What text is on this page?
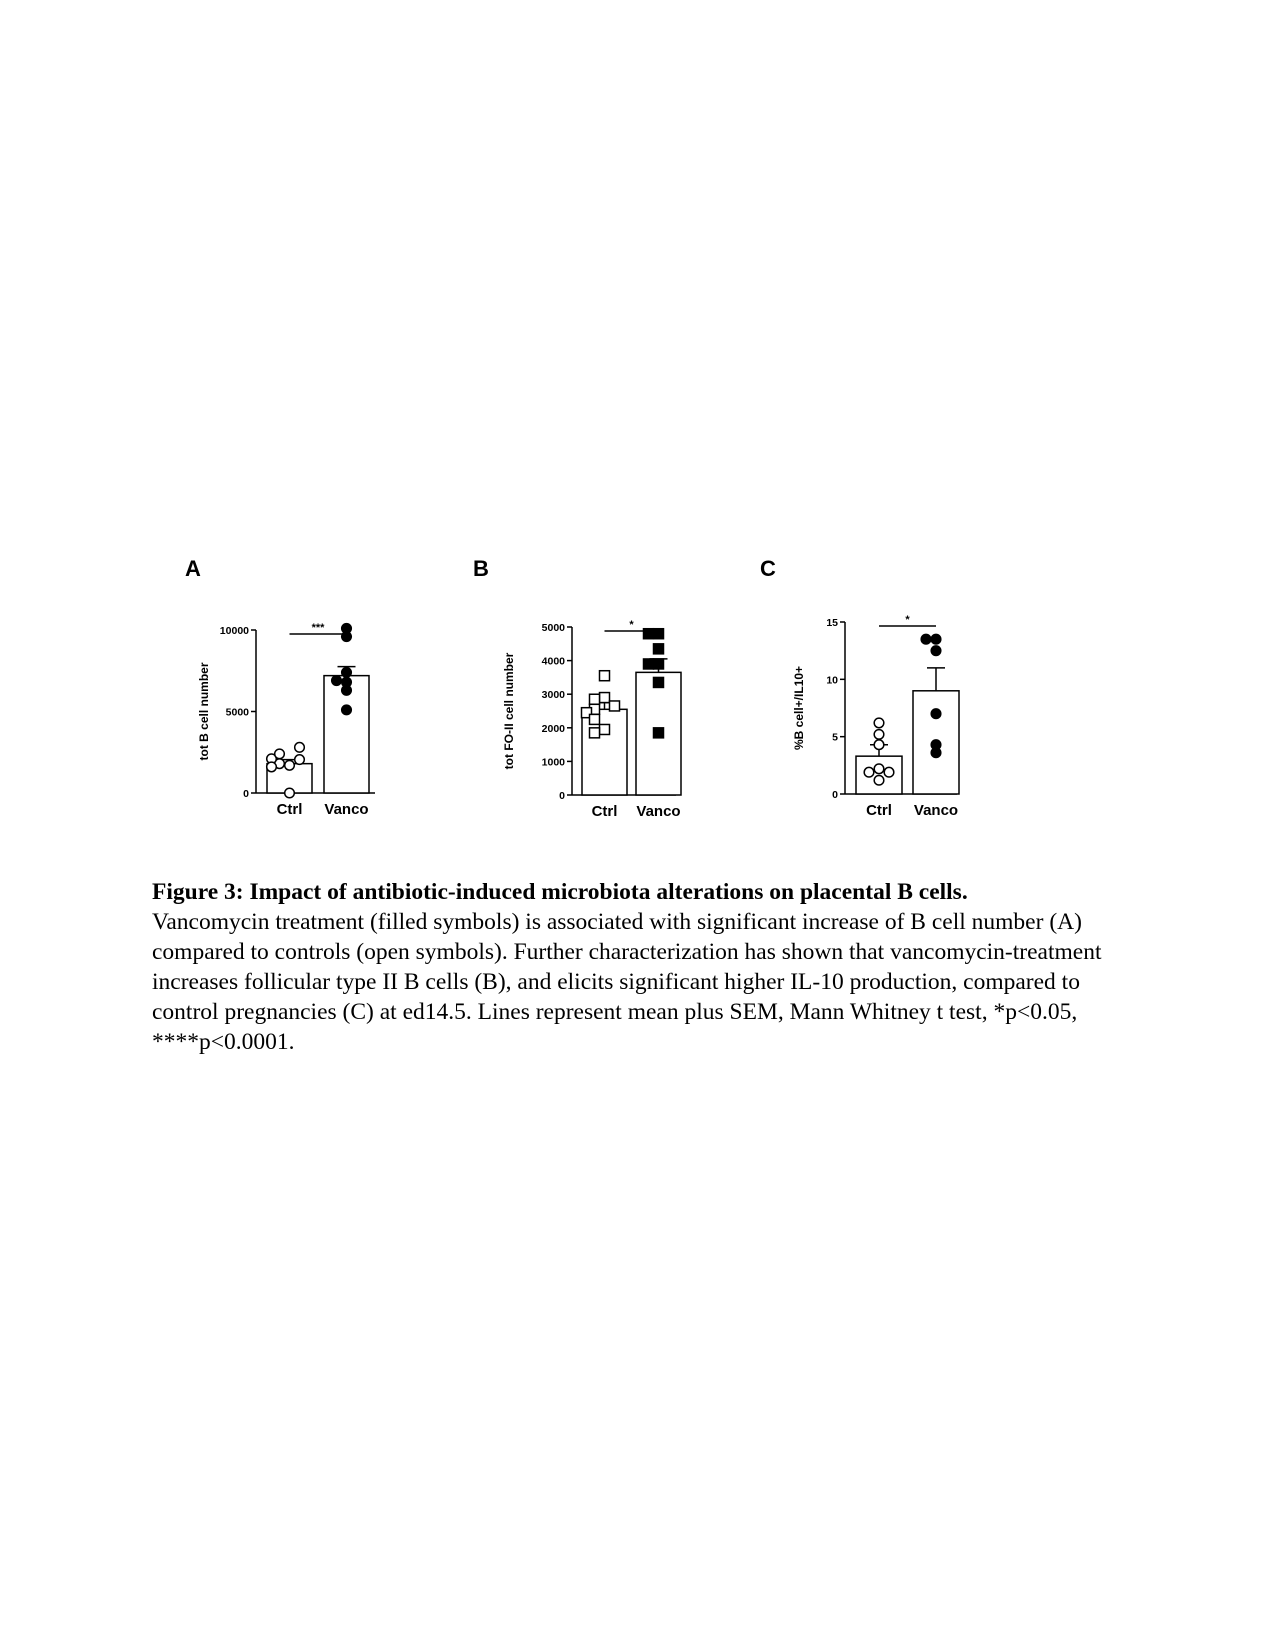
A	B	C
0
5000
10000
tot B cell number
Ctrl Vanco
***
0
1000
2000
3000
4000
5000
tot FO-II cell number
Ctrl Vanco
*
0
5
10
15
%B cell+/IL10+
Ctrl Vanco
*

Figure 3: Impact of antibiotic-induced microbiota alterations on placental B cells.
Vancomycin treatment (filled symbols) is associated with significant increase of B cell number (A) compared to controls (open symbols). Further characterization has shown that vancomycin-treatment increases follicular type II B cells (B), and elicits significant higher IL-10 production, compared to control pregnancies (C) at ed14.5. Lines represent mean plus SEM, Mann Whitney t test, *p<0.05, ****p<0.0001.
